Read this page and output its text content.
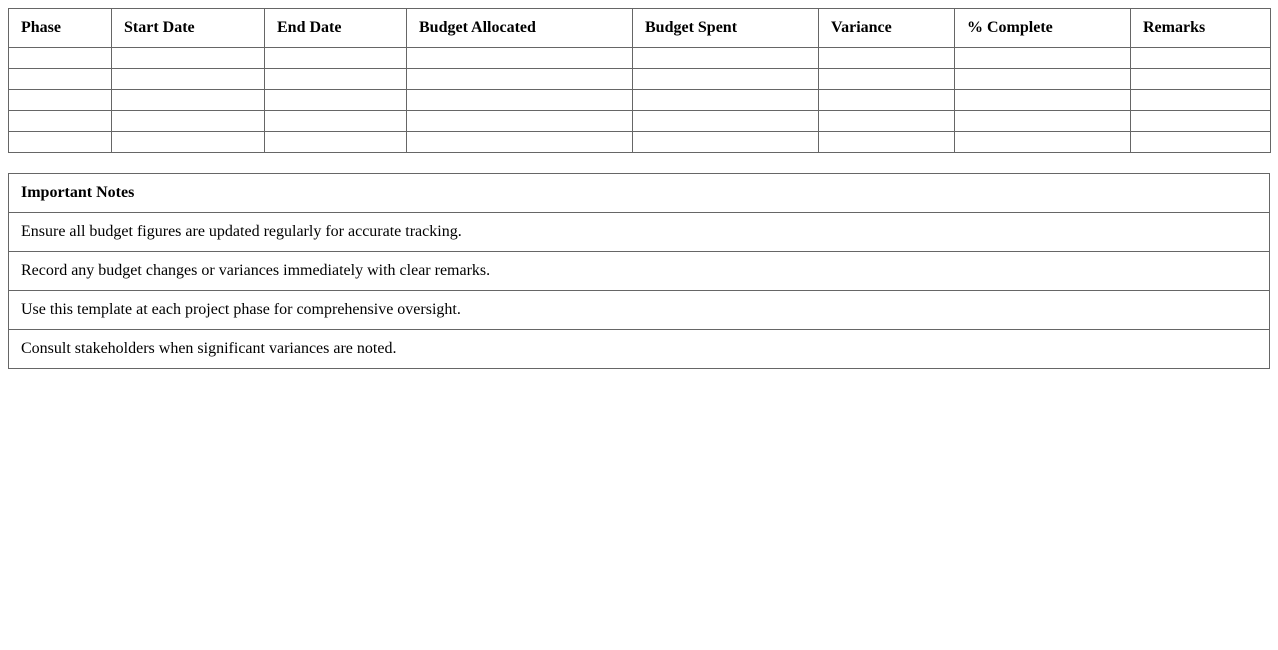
Phase	Start Date	End Date	Budget Allocated	Budget Spent	Variance	% Complete	Remarks

Important Notes
Ensure all budget figures are updated regularly for accurate tracking.
Record any budget changes or variances immediately with clear remarks.
Use this template at each project phase for comprehensive oversight.
Consult stakeholders when significant variances are noted.
